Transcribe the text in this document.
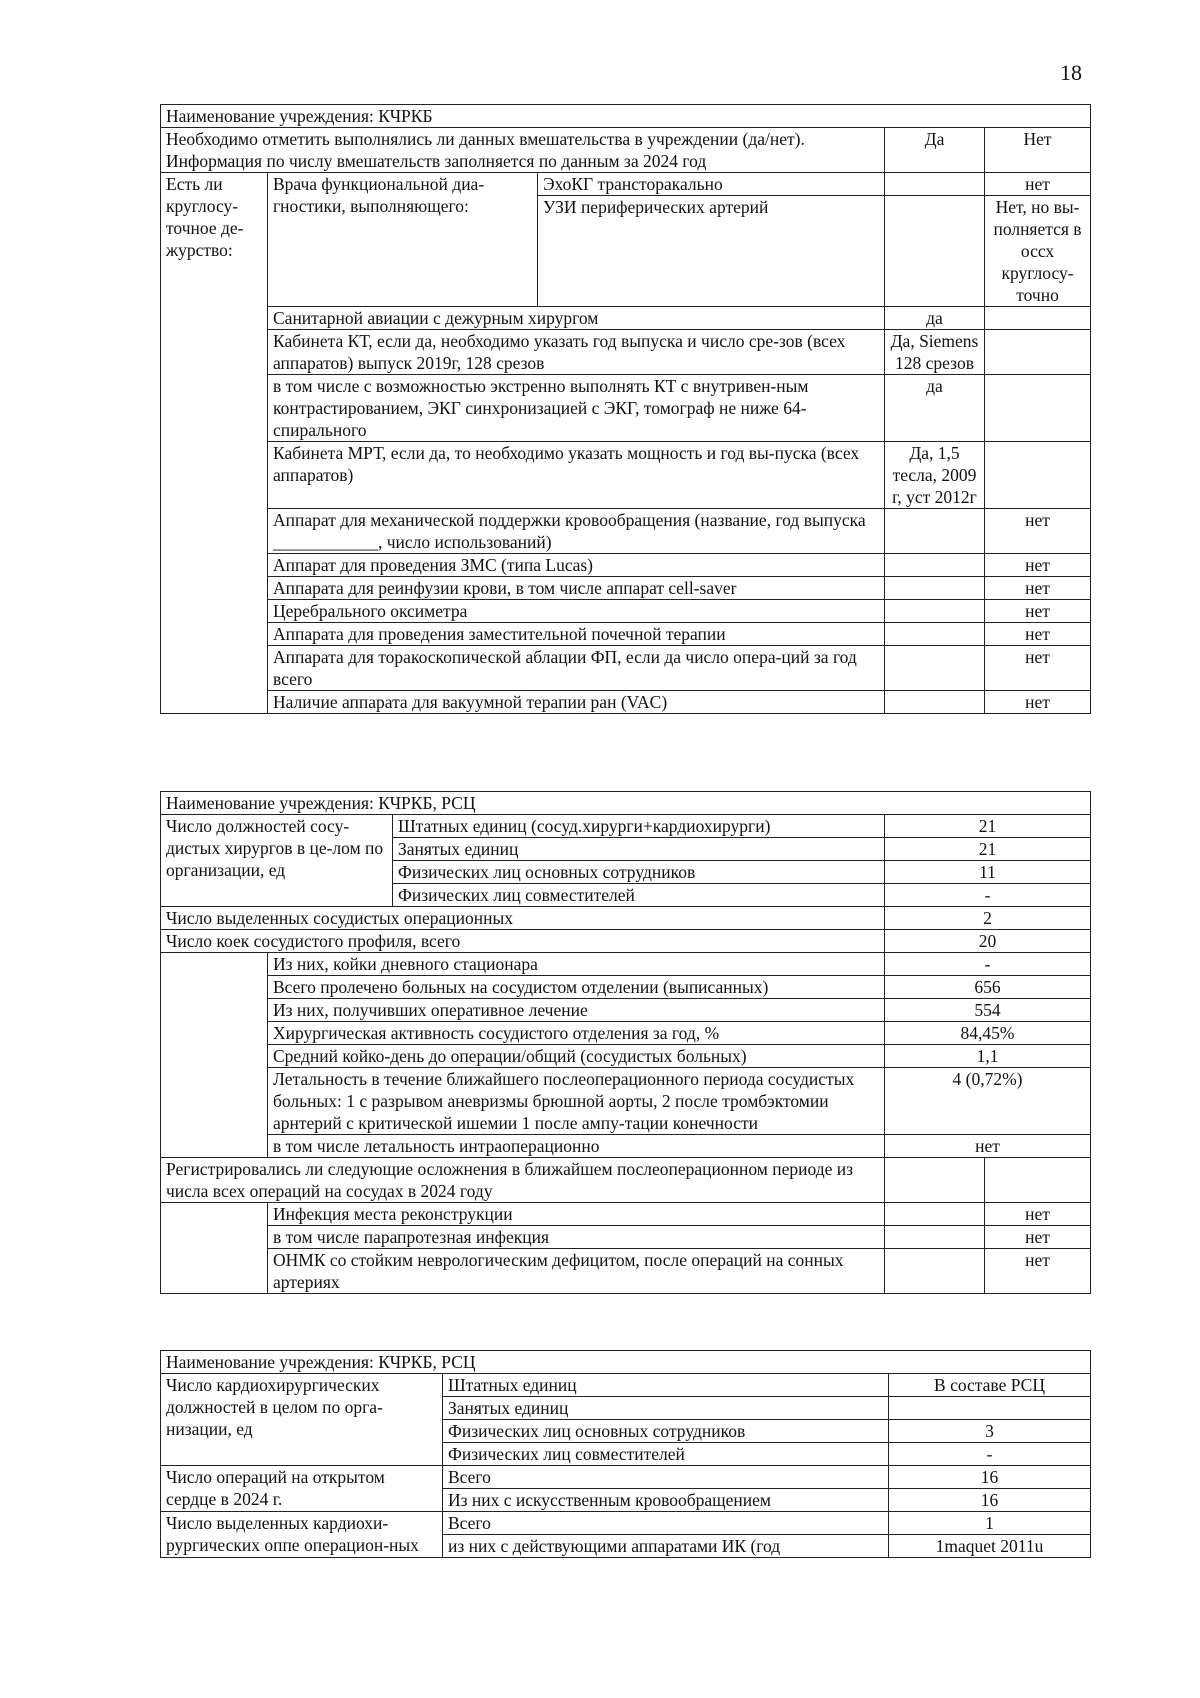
18
Наименование учреждения: КЧРКБ				
Необходимо отметить выполнялись ли данных вмешательства в учреждении (да/нет). Информация по числу вмешательств заполняется по данным за 2024 год			Да	Нет
Есть ли круглосу-точное де-журство:	Врача функциональной диа-гностики, выполняющего:	ЭхоКГ трансторакально		нет
		УЗИ периферических артерий		Нет, но вы-полняется в оссх круглосу-точно
	Санитарной авиации с дежурным хирургом		да	
	Кабинета КТ, если да, необходимо указать год выпуска и число сре-зов (всех аппаратов) выпуск 2019г, 128 срезов		Да, Siemens 128 срезов	
	в том числе с возможностью экстренно выполнять КТ с внутривен-ным контрастированием, ЭКГ синхронизацией с ЭКГ, томограф не ниже 64-спирального		да	
	Кабинета МРТ, если да, то необходимо указать мощность и год вы-пуска (всех аппаратов)		Да, 1,5 тесла, 2009 г, уст 2012г	
	Аппарат для механической поддержки кровообращения (название, год выпуска ____________, число использований)			нет
	Аппарат для проведения ЗМС (типа Lucas)			нет
	Аппарата для реинфузии крови, в том числе аппарат cell-saver			нет
	Церебрального оксиметра			нет
	Аппарата для проведения заместительной почечной терапии			нет
	Аппарата для торакоскопической аблации ФП, если да число опера-ций за год всего			нет
	Наличие аппарата для вакуумной терапии ран (VAC)			нет
Наименование учреждения: КЧРКБ, РСЦ				
Число должностей сосу-дистых хирургов в це-лом по организации, ед		Штатных единиц (сосуд.хирурги+кардиохирурги)	21	
		Занятых единиц	21	
		Физических лиц основных сотрудников	11	
		Физических лиц совместителей	-	
Число выделенных сосудистых операционных			2	
Число коек сосудистого профиля, всего			20	
	Из них, койки дневного стационара		-	
	Всего пролечено больных на сосудистом отделении (выписанных)		656	
	Из них, получивших оперативное лечение		554	
	Хирургическая активность сосудистого отделения за год, %		84,45%	
	Средний койко-день до операции/общий (сосудистых больных)		1,1	
	Летальность в течение ближайшего послеоперационного периода сосудистых больных: 1 с разрывом аневризмы брюшной аорты, 2 после тромбэктомии арнтерий с критической ишемии 1 после ампу-тации конечности		4 (0,72%)	
	в том числе летальность интраоперационно		нет	
Регистрировались ли следующие осложнения в ближайшем послеоперационном периоде из числа всех операций на сосудах в 2024 году				
	Инфекция места реконструкции			нет
	в том числе парапротезная инфекция			нет
	ОНМК со стойким неврологическим дефицитом, после операций на сонных артериях			нет
Наименование учреждения: КЧРКБ, РСЦ		
Число кардиохирургических должностей в целом по орга-низации, ед	Штатных единиц	В составе РСЦ
	Занятых единиц	
	Физических лиц основных сотрудников	3
	Физических лиц совместителей	-
Число операций на открытом сердце в 2024 г.	Всего	16
	Из них с искусственным кровообращением	16
Число выделенных кардиохи-рургических оппе операцион-ных	Всего	1
	из них с действующими аппаратами ИК (год	1maquet 2011u
